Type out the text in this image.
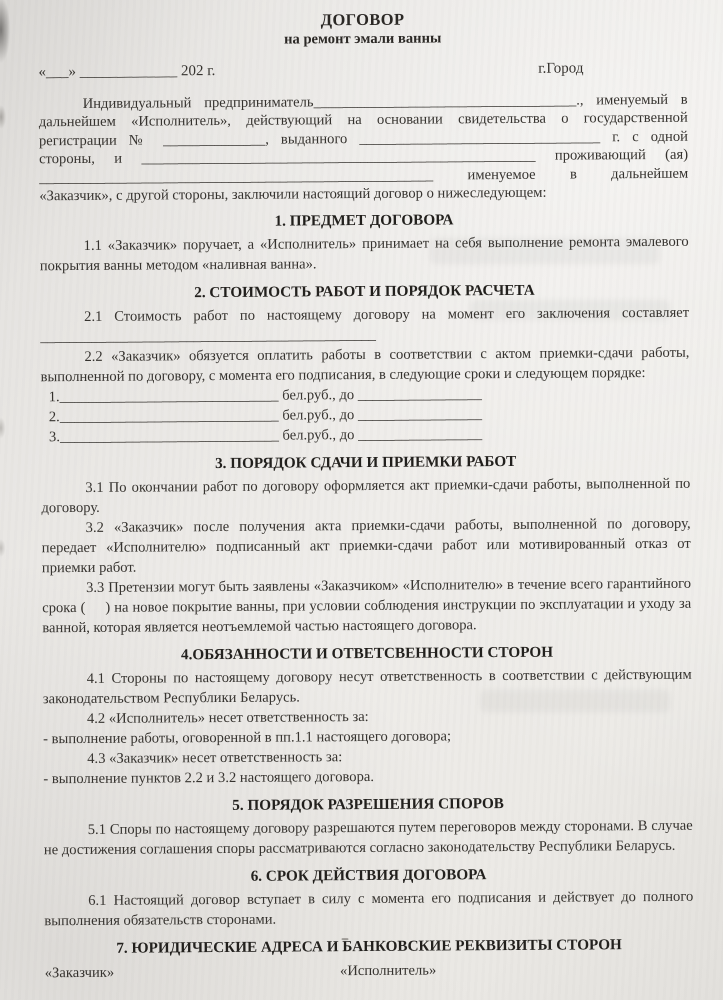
ДОГОВОР
на ремонт эмали ванны
«___» _____________ 202 г.	г.Город
Индивидуальный предприниматель____________________________________., именуемый в
дальнейшем «Исполнитель», действующий на основании свидетельства о государственной
регистрации № ______________, выданного _________________________________ г. с одной
стороны, и ______________________________________________________ проживающий (ая)
______________________________________________________ именуемое в дальнейшем
«Заказчик», с другой стороны, заключили настоящий договор о нижеследующем:
1. ПРЕДМЕТ ДОГОВОРА

1.1 «Заказчик» поручает, а «Исполнитель» принимает на себя выполнение ремонта эмалевого покрытия ванны методом «наливная ванна».

2. СТОИМОСТЬ РАБОТ И ПОРЯДОК РАСЧЕТА

2.1 Стоимость работ по настоящему договору на момент его заключения составляет

______________________________________________

2.2 «Заказчик» обязуется оплатить работы в соответствии с актом приемки-сдачи работы, выполненной по договору, с момента его подписания, в следующие сроки и следующем порядке:

1.______________________________ бел.руб., до _________________
2.______________________________ бел.руб., до _________________
3.______________________________ бел.руб., до _________________
3. ПОРЯДОК СДАЧИ И ПРИЕМКИ РАБОТ

3.1 По окончании работ по договору оформляется акт приемки-сдачи работы, выполненной по договору.

3.2 «Заказчик» после получения акта приемки-сдачи работы, выполненной по договору, передает «Исполнителю» подписанный акт приемки-сдачи работ или мотивированный отказ от приемки работ.

3.3 Претензии могут быть заявлены «Заказчиком» «Исполнителю» в течение всего гарантийного срока (     ) на новое покрытие ванны, при условии соблюдения инструкции по эксплуатации и уходу за ванной, которая является неотъемлемой частью настоящего договора.

4.ОБЯЗАННОСТИ И ОТВЕТСВЕННОСТИ СТОРОН

4.1 Стороны по настоящему договору несут ответственность в соответствии с действующим законодательством Республики Беларусь.

4.2 «Исполнитель» несет ответственность за:

- выполнение работы, оговоренной в пп.1.1 настоящего договора;

4.3 «Заказчик» несет ответственность за:

- выполнение пунктов 2.2 и 3.2 настоящего договора.

5. ПОРЯДОК РАЗРЕШЕНИЯ СПОРОВ

5.1 Споры по настоящему договору разрешаются путем переговоров между сторонами. В случае не достижения соглашения споры рассматриваются согласно законодательству Республики Беларусь.

6. СРОК ДЕЙСТВИЯ ДОГОВОРА

6.1 Настоящий договор вступает в силу с момента его подписания и действует до полного выполнения обязательств сторонами.

7. ЮРИДИЧЕСКИЕ АДРЕСА И БАНКОВСКИЕ РЕКВИЗИТЫ СТОРОН
«Заказчик»	«Исполнитель»
